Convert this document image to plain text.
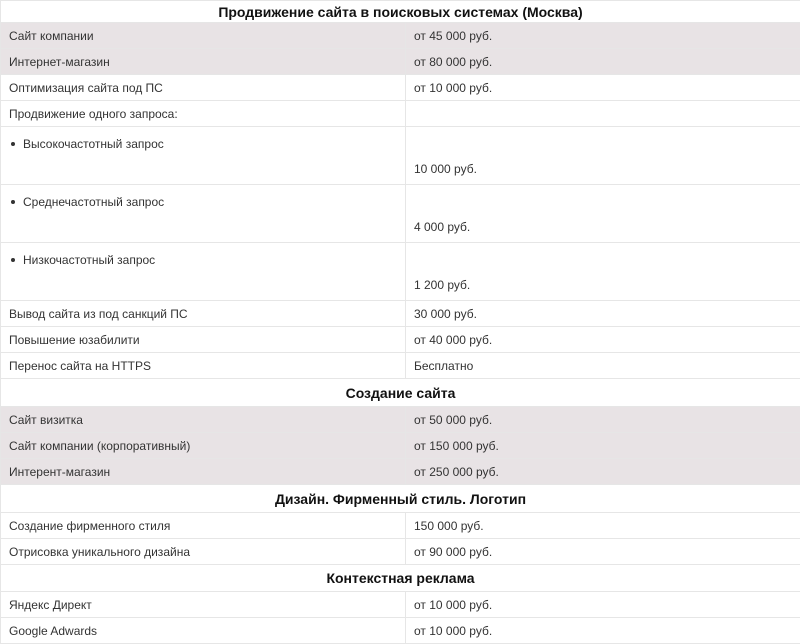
Продвижение сайта в поисковых системах (Москва)	
Сайт компании	от 45 000 руб.
Интернет-магазин	от 80 000 руб.
Оптимизация сайта под ПС	от 10 000 руб.
Продвижение одного запроса:	
Высокочастотный запрос	10 000 руб.
Среднечастотный запрос	4 000 руб.
Низкочастотный запрос	1 200 руб.
Вывод сайта из под санкций ПС	30 000 руб.
Повышение юзабилити	от 40 000 руб.
Перенос сайта на HTTPS	Бесплатно
Создание сайта	
Сайт визитка	от 50 000 руб.
Сайт компании (корпоративный)	от 150 000 руб.
Интерент-магазин	от 250 000 руб.
Дизайн. Фирменный стиль. Логотип	
Создание фирменного стиля	150 000 руб.
Отрисовка уникального дизайна	от 90 000 руб.
Контекстная реклама	
Яндекс Директ	от 10 000 руб.
Google Adwards	от 10 000 руб.
